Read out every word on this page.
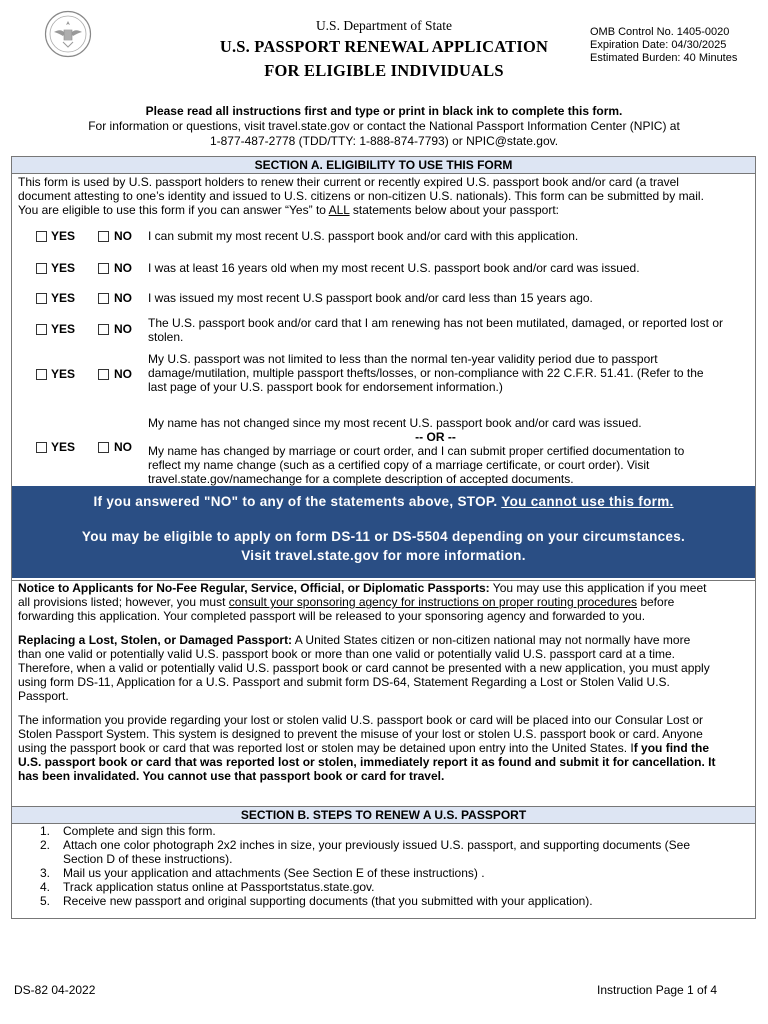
U.S. Department of State
U.S. PASSPORT RENEWAL APPLICATION
FOR ELIGIBLE INDIVIDUALS
OMB Control No. 1405-0020
Expiration Date: 04/30/2025
Estimated Burden: 40 Minutes
Please read all instructions first and type or print in black ink to complete this form.
For information or questions, visit travel.state.gov or contact the National Passport Information Center (NPIC) at
1-877-487-2778 (TDD/TTY: 1-888-874-7793) or NPIC@state.gov.
SECTION A. ELIGIBILITY TO USE THIS FORM
This form is used by U.S. passport holders to renew their current or recently expired U.S. passport book and/or card (a travel
document attesting to one’s identity and issued to U.S. citizens or non-citizen U.S. nationals). This form can be submitted by mail.
You are eligible to use this form if you can answer “Yes” to ALL statements below about your passport:
YES	NO I can submit my most recent U.S. passport book and/or card with this application.
YES	NO I was at least 16 years old when my most recent U.S. passport book and/or card was issued.
YES	NO I was issued my most recent U.S passport book and/or card less than 15 years ago.
YES	NO The U.S. passport book and/or card that I am renewing has not been mutilated, damaged, or reported lost or
stolen.
YES	NO
My U.S. passport was not limited to less than the normal ten-year validity period due to passport
damage/mutilation, multiple passport thefts/losses, or non-compliance with 22 C.F.R. 51.41. (Refer to the
last page of your U.S. passport book for endorsement information.)
YES	NO
My name has not changed since my most recent U.S. passport book and/or card was issued.
-- OR --
My name has changed by marriage or court order, and I can submit proper certified documentation to
reflect my name change (such as a certified copy of a marriage certificate, or court order). Visit
travel.state.gov/namechange for a complete description of accepted documents.
If you answered "NO" to any of the statements above, STOP. You cannot use this form.
You may be eligible to apply on form DS-11 or DS-5504 depending on your circumstances.
Visit travel.state.gov for more information.

Notice to Applicants for No-Fee Regular, Service, Official, or Diplomatic Passports: You may use this application if you meet

all provisions listed; however, you must consult your sponsoring agency for instructions on proper routing procedures before

forwarding this application. Your completed passport will be released to your sponsoring agency and forwarded to you.

Replacing a Lost, Stolen, or Damaged Passport: A United States citizen or non-citizen national may not normally have more

than one valid or potentially valid U.S. passport book or more than one valid or potentially valid U.S. passport card at a time.

Therefore, when a valid or potentially valid U.S. passport book or card cannot be presented with a new application, you must apply

using form DS-11, Application for a U.S. Passport and submit form DS-64, Statement Regarding a Lost or Stolen Valid U.S.

Passport.

The information you provide regarding your lost or stolen valid U.S. passport book or card will be placed into our Consular Lost or

Stolen Passport System. This system is designed to prevent the misuse of your lost or stolen U.S. passport book or card. Anyone

using the passport book or card that was reported lost or stolen may be detained upon entry into the United States. If you find the

U.S. passport book or card that was reported lost or stolen, immediately report it as found and submit it for cancellation. It

has been invalidated. You cannot use that passport book or card for travel.

SECTION B. STEPS TO RENEW A U.S. PASSPORT
1. Complete and sign this form.
2. Attach one color photograph 2x2 inches in size, your previously issued U.S. passport, and supporting documents (See
Section D of these instructions).
3. Mail us your application and attachments (See Section E of these instructions) .
4. Track application status online at Passportstatus.state.gov.
5. Receive new passport and original supporting documents (that you submitted with your application).
DS-82 04-2022	Instruction Page 1 of 4
